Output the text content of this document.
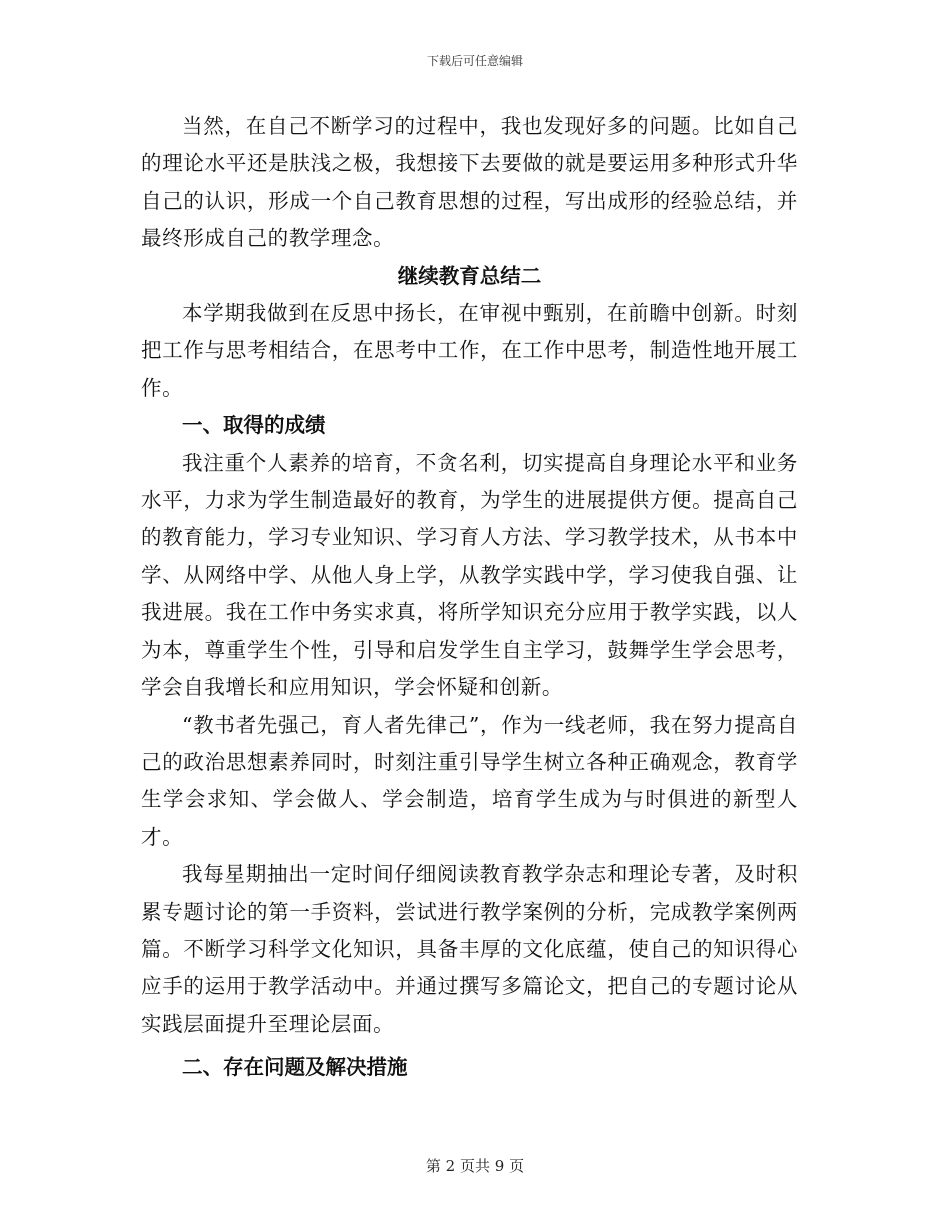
下载后可任意编辑

当然，在自己不断学习的过程中，我也发现好多的问题。比如自己的理论水平还是肤浅之极，我想接下去要做的就是要运用多种形式升华自己的认识，形成一个自己教育思想的过程，写出成形的经验总结，并最终形成自己的教学理念。

继续教育总结二

本学期我做到在反思中扬长，在审视中甄别，在前瞻中创新。时刻把工作与思考相结合，在思考中工作，在工作中思考，制造性地开展工作。

一、取得的成绩

我注重个人素养的培育，不贪名利，切实提高自身理论水平和业务水平，力求为学生制造最好的教育，为学生的进展提供方便。提高自己的教育能力，学习专业知识、学习育人方法、学习教学技术，从书本中学、从网络中学、从他人身上学，从教学实践中学，学习使我自强、让我进展。我在工作中务实求真，将所学知识充分应用于教学实践，以人为本，尊重学生个性，引导和启发学生自主学习，鼓舞学生学会思考，学会自我增长和应用知识，学会怀疑和创新。

“教书者先强己，育人者先律己”，作为一线老师，我在努力提高自己的政治思想素养同时，时刻注重引导学生树立各种正确观念，教育学生学会求知、学会做人、学会制造，培育学生成为与时俱进的新型人才。

我每星期抽出一定时间仔细阅读教育教学杂志和理论专著，及时积累专题讨论的第一手资料，尝试进行教学案例的分析，完成教学案例两篇。不断学习科学文化知识，具备丰厚的文化底蕴，使自己的知识得心应手的运用于教学活动中。并通过撰写多篇论文，把自己的专题讨论从实践层面提升至理论层面。

二、存在问题及解决措施

第 2 页共 9 页
